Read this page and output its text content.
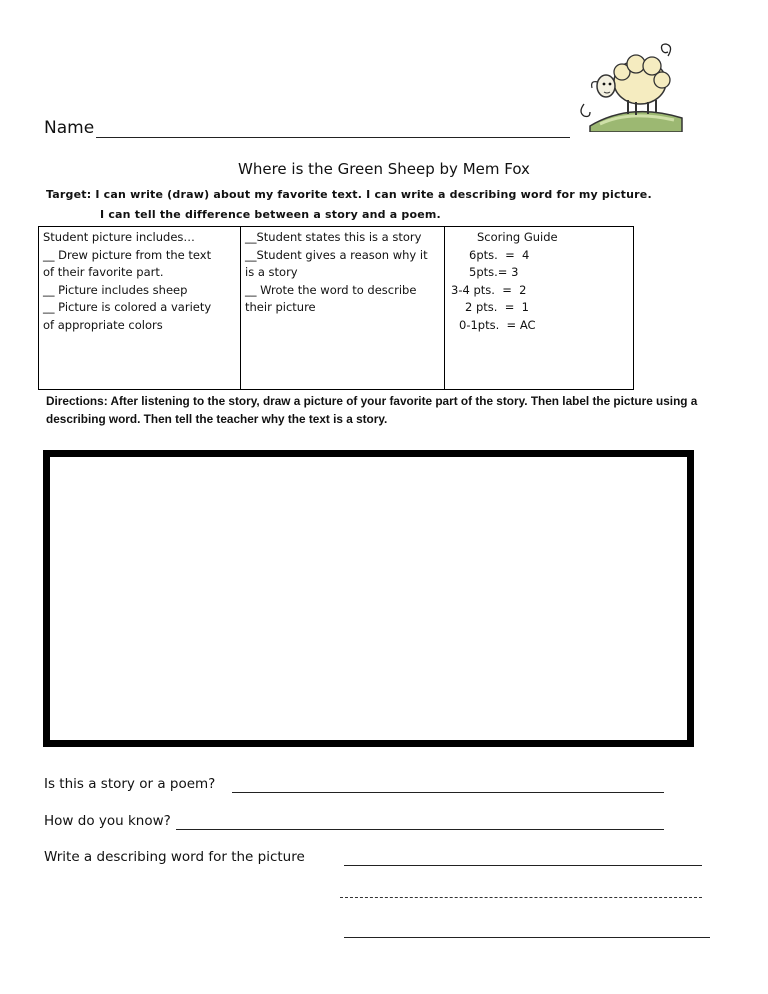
Name
Where is the Green Sheep by Mem Fox
Target: I can write (draw) about my favorite text. I can write a describing word for my picture.
I can tell the difference between a story and a poem.
Student picture includes…
__ Drew picture from the text
of their favorite part.
__ Picture includes sheep
__ Picture is colored a variety
of appropriate colors
__Student states this is a story
__Student gives a reason why it
is a story
__ Wrote the word to describe
their picture
Scoring Guide
6pts.  =  4
5pts.= 3
3-4 pts.  =  2
2 pts.  =  1
0-1pts.  = AC
Directions: After listening to the story, draw a picture of your favorite part of the story. Then label the picture using a describing word. Then tell the teacher why the text is a story.
Is this a story or a poem?
How do you know?
Write a describing word for the picture
